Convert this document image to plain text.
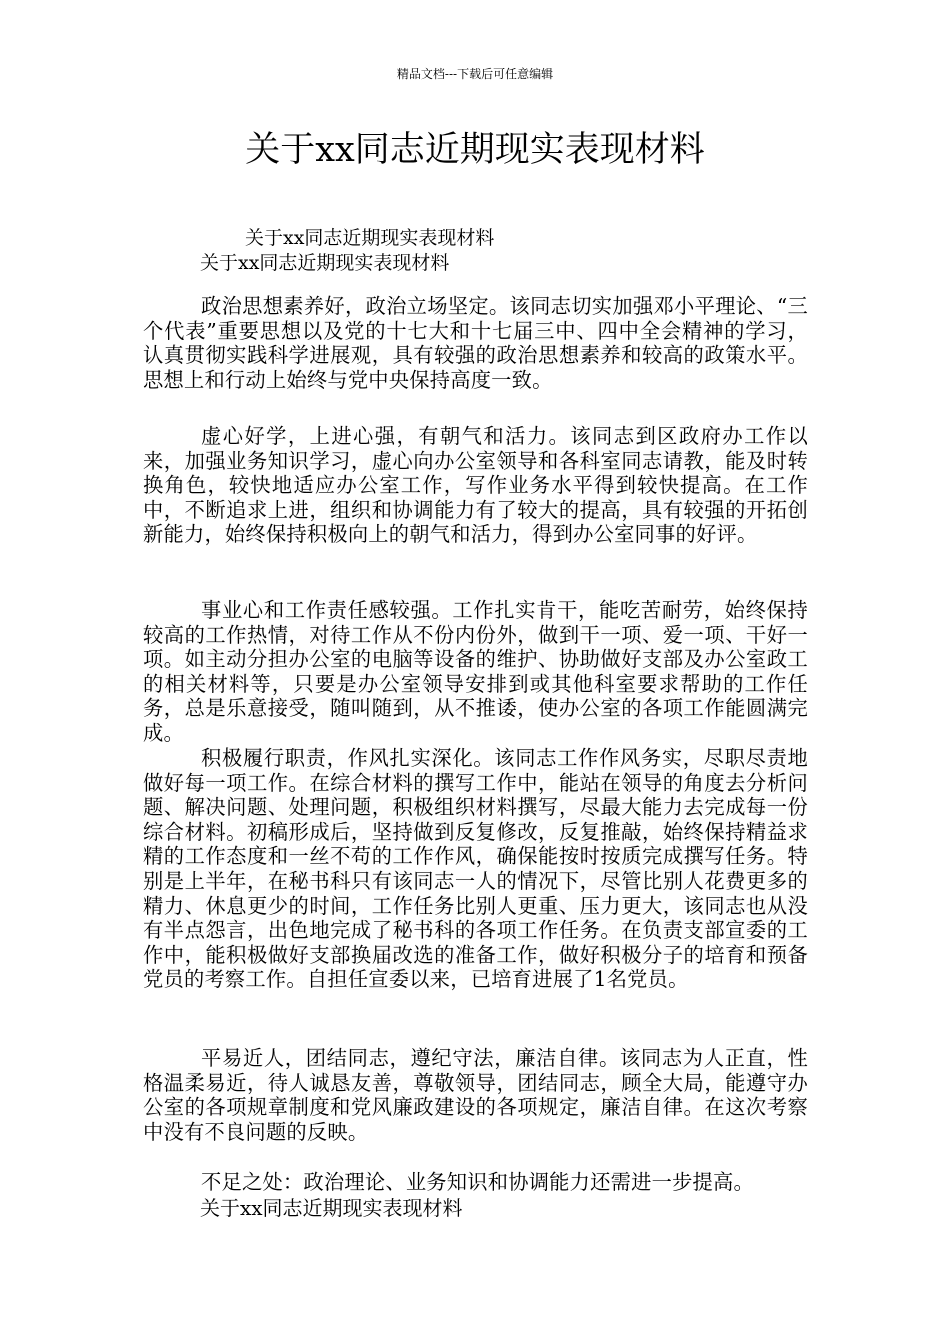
精品文档---下载后可任意编辑
关于xx同志近期现实表现材料
关于xx同志近期现实表现材料
关于xx同志近期现实表现材料

政治思想素养好，政治立场坚定。该同志切实加强邓小平理论、“三个代表”重要思想以及党的十七大和十七届三中、四中全会精神的学习，认真贯彻实践科学进展观，具有较强的政治思想素养和较高的政策水平。思想上和行动上始终与党中央保持高度一致。

虚心好学，上进心强，有朝气和活力。该同志到区政府办工作以来，加强业务知识学习，虚心向办公室领导和各科室同志请教，能及时转换角色，较快地适应办公室工作，写作业务水平得到较快提高。在工作中，不断追求上进，组织和协调能力有了较大的提高，具有较强的开拓创新能力，始终保持积极向上的朝气和活力，得到办公室同事的好评。

事业心和工作责任感较强。工作扎实肯干，能吃苦耐劳，始终保持较高的工作热情，对待工作从不份内份外，做到干一项、爱一项、干好一项。如主动分担办公室的电脑等设备的维护、协助做好支部及办公室政工的相关材料等，只要是办公室领导安排到或其他科室要求帮助的工作任务，总是乐意接受，随叫随到，从不推诿，使办公室的各项工作能圆满完成。

积极履行职责，作风扎实深化。该同志工作作风务实，尽职尽责地做好每一项工作。在综合材料的撰写工作中，能站在领导的角度去分析问题、解决问题、处理问题，积极组织材料撰写，尽最大能力去完成每一份综合材料。初稿形成后，坚持做到反复修改，反复推敲，始终保持精益求精的工作态度和一丝不苟的工作作风，确保能按时按质完成撰写任务。特别是上半年，在秘书科只有该同志一人的情况下，尽管比别人花费更多的精力、休息更少的时间，工作任务比别人更重、压力更大，该同志也从没有半点怨言，出色地完成了秘书科的各项工作任务。在负责支部宣委的工作中，能积极做好支部换届改选的准备工作，做好积极分子的培育和预备党员的考察工作。自担任宣委以来，已培育进展了1名党员。

平易近人，团结同志，遵纪守法，廉洁自律。该同志为人正直，性格温柔易近，待人诚恳友善，尊敬领导，团结同志，顾全大局，能遵守办公室的各项规章制度和党风廉政建设的各项规定，廉洁自律。在这次考察中没有不良问题的反映。

不足之处：政治理论、业务知识和协调能力还需进一步提高。

关于xx同志近期现实表现材料
